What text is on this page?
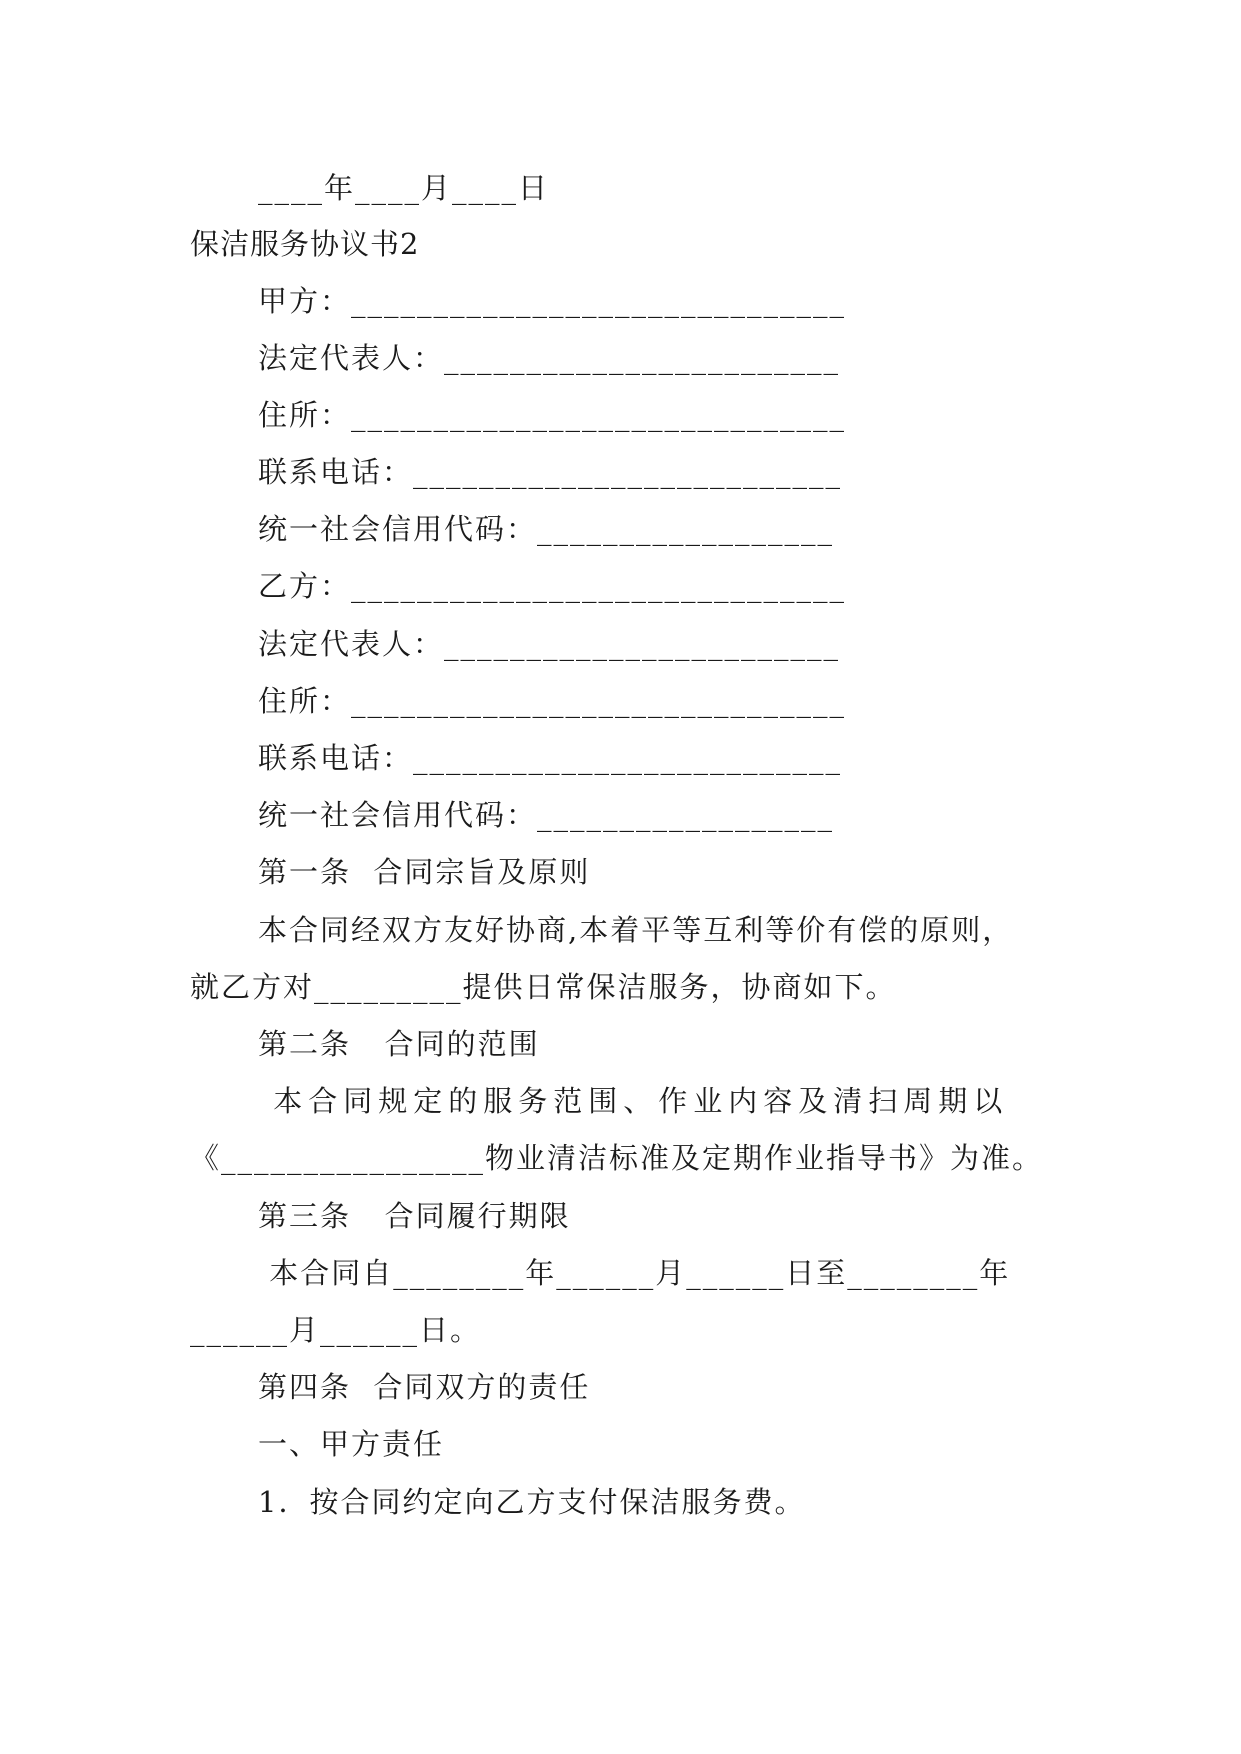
____年____月____日
保洁服务协议书2
甲方：______________________________
法定代表人：________________________
住所：______________________________
联系电话：__________________________
统一社会信用代码：__________________
乙方：______________________________
法定代表人：________________________
住所：______________________________
联系电话：__________________________
统一社会信用代码：__________________
第一条  合同宗旨及原则
本合同经双方友好协商,本着平等互利等价有偿的原则，
就乙方对_________提供日常保洁服务，协商如下。
第二条   合同的范围
本合同规定的服务范围、作业内容及清扫周期以
《________________物业清洁标准及定期作业指导书》为准。
第三条   合同履行期限
本合同自________年______月______日至________年
______月______日。
第四条  合同双方的责任
一、甲方责任
1．按合同约定向乙方支付保洁服务费。
